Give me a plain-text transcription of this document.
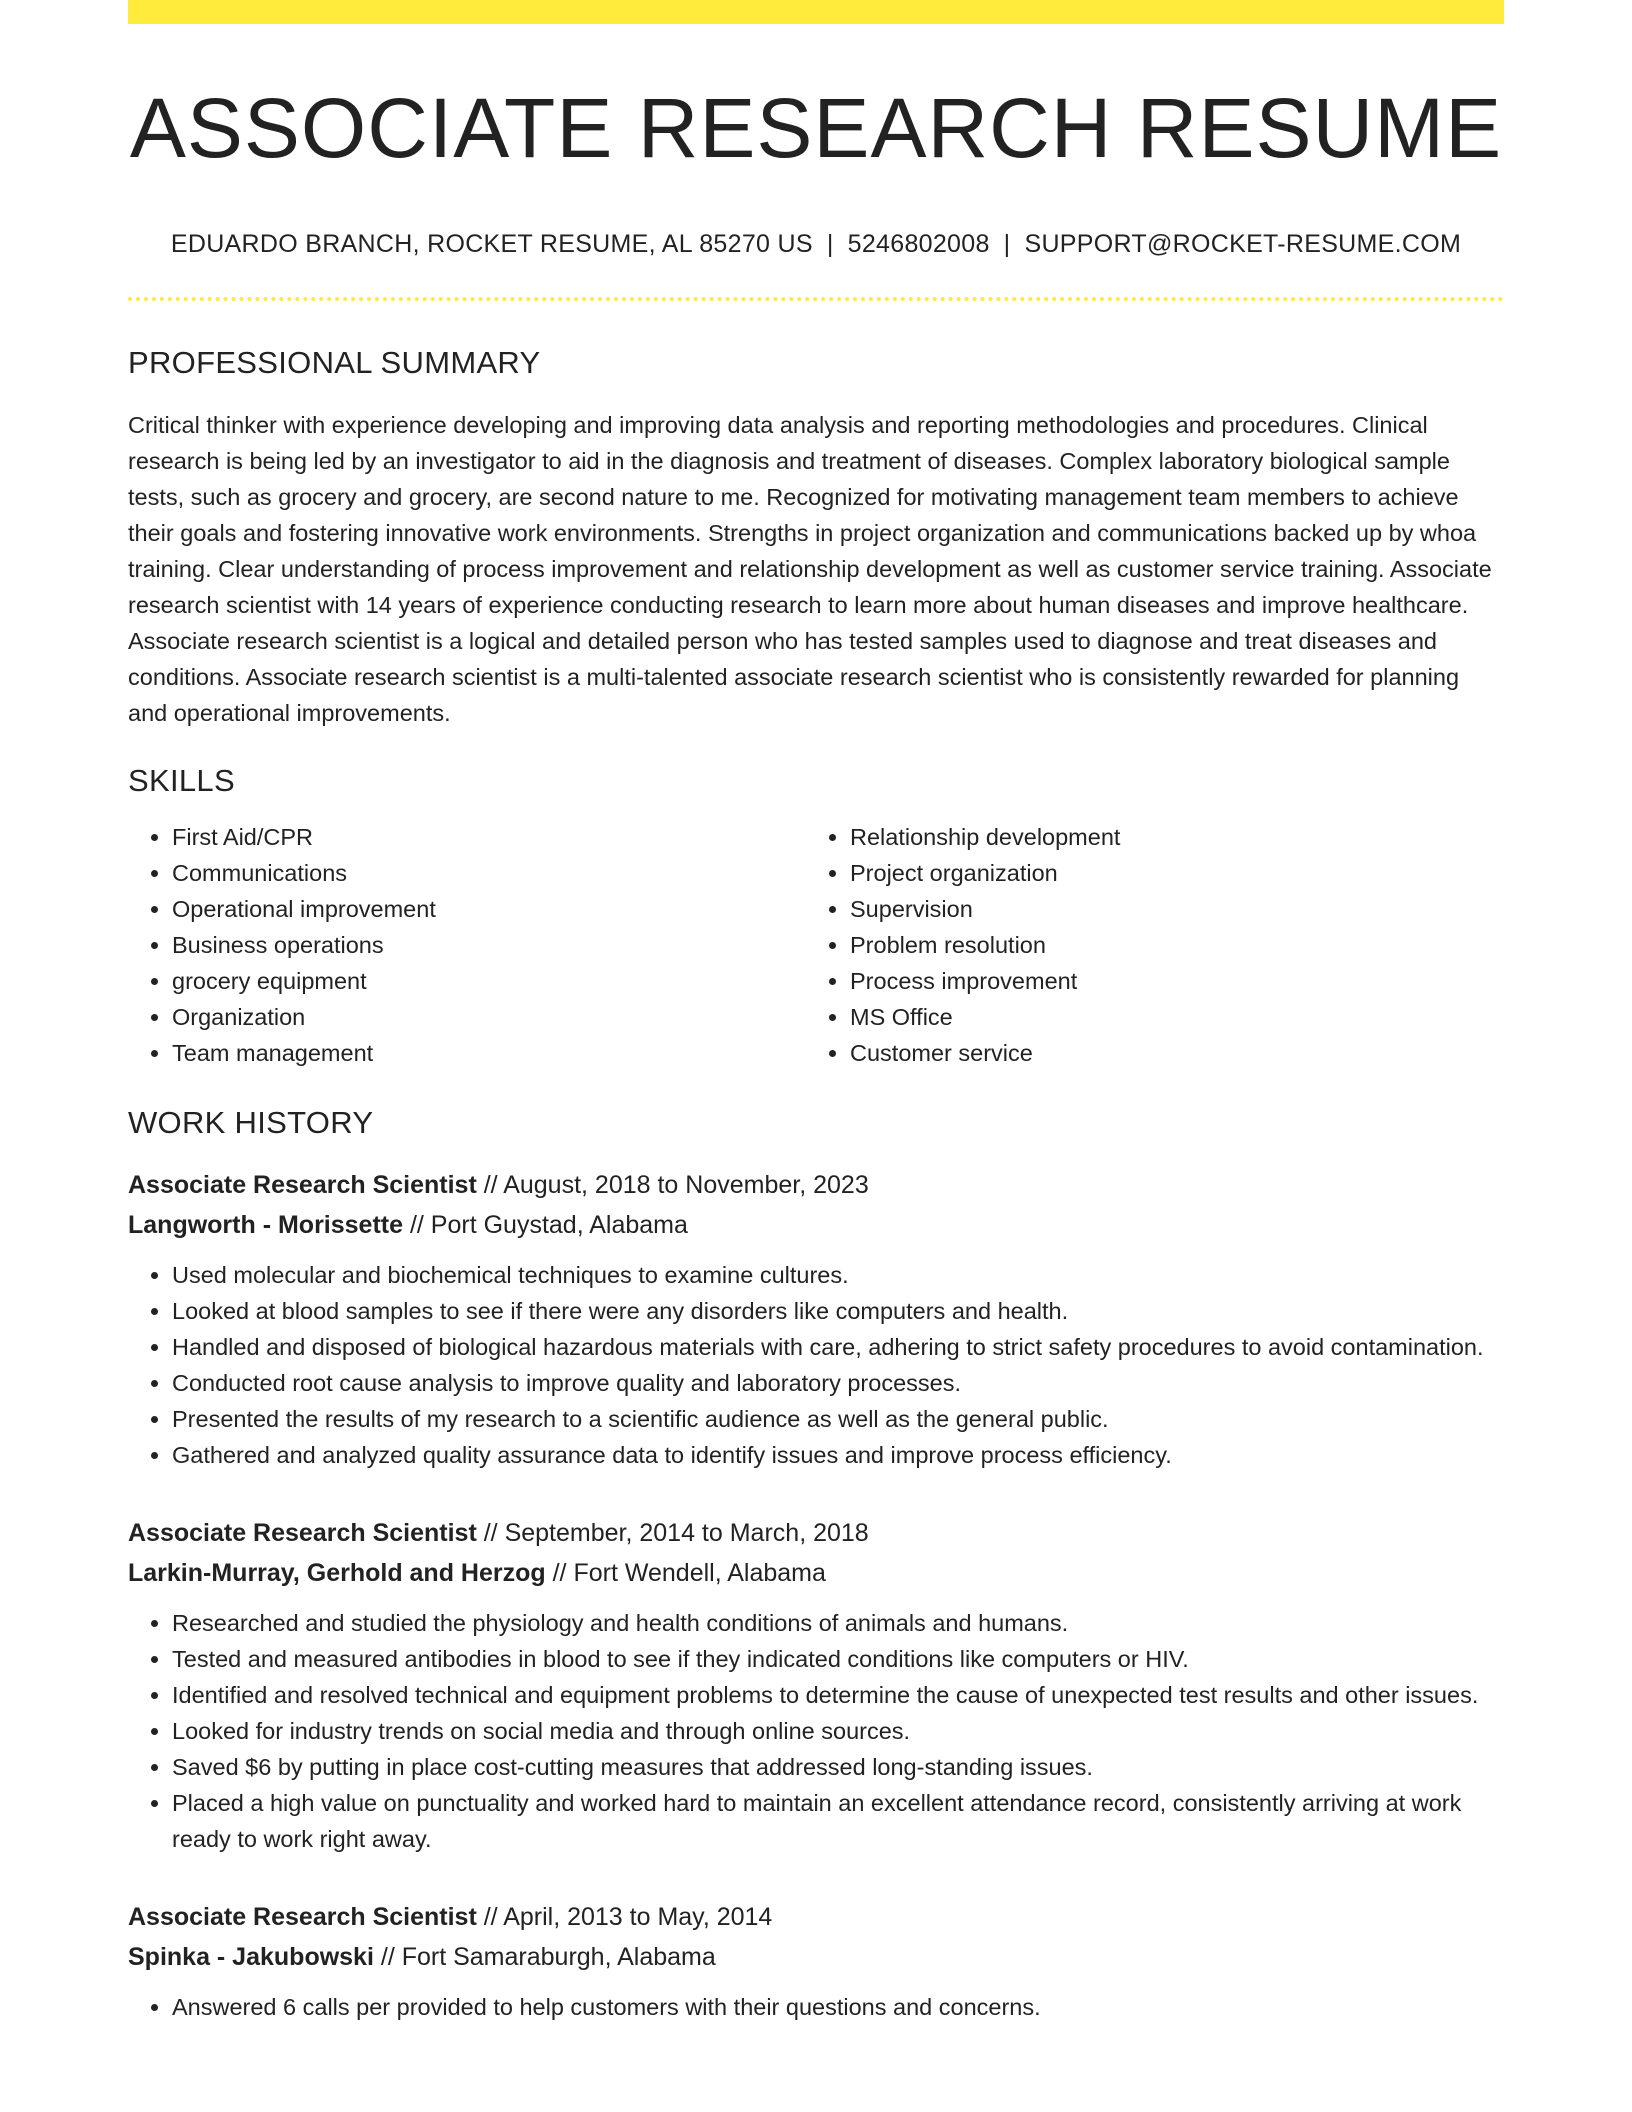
ASSOCIATE RESEARCH RESUME
EDUARDO BRANCH, ROCKET RESUME, AL 85270 US | 5246802008 | SUPPORT@ROCKET-RESUME.COM
PROFESSIONAL SUMMARY

Critical thinker with experience developing and improving data analysis and reporting methodologies and procedures. Clinical research is being led by an investigator to aid in the diagnosis and treatment of diseases. Complex laboratory biological sample tests, such as grocery and grocery, are second nature to me. Recognized for motivating management team members to achieve their goals and fostering innovative work environments. Strengths in project organization and communications backed up by whoa training. Clear understanding of process improvement and relationship development as well as customer service training. Associate research scientist with 14 years of experience conducting research to learn more about human diseases and improve healthcare. Associate research scientist is a logical and detailed person who has tested samples used to diagnose and treat diseases and conditions. Associate research scientist is a multi-talented associate research scientist who is consistently rewarded for planning and operational improvements.

SKILLS
• First Aid/CPR
• Communications
• Operational improvement
• Business operations
• grocery equipment
• Organization
• Team management
• Relationship development
• Project organization
• Supervision
• Problem resolution
• Process improvement
• MS Office
• Customer service
WORK HISTORY
Associate Research Scientist // August, 2018 to November, 2023
Langworth - Morissette // Port Guystad, Alabama
• Used molecular and biochemical techniques to examine cultures.
• Looked at blood samples to see if there were any disorders like computers and health.
• Handled and disposed of biological hazardous materials with care, adhering to strict safety procedures to avoid contamination.
• Conducted root cause analysis to improve quality and laboratory processes.
• Presented the results of my research to a scientific audience as well as the general public.
• Gathered and analyzed quality assurance data to identify issues and improve process efficiency.
Associate Research Scientist // September, 2014 to March, 2018
Larkin-Murray, Gerhold and Herzog // Fort Wendell, Alabama
• Researched and studied the physiology and health conditions of animals and humans.
• Tested and measured antibodies in blood to see if they indicated conditions like computers or HIV.
• Identified and resolved technical and equipment problems to determine the cause of unexpected test results and other issues.
• Looked for industry trends on social media and through online sources.
• Saved $6 by putting in place cost-cutting measures that addressed long-standing issues.
• Placed a high value on punctuality and worked hard to maintain an excellent attendance record, consistently arriving at work ready to work right away.
Associate Research Scientist // April, 2013 to May, 2014
Spinka - Jakubowski // Fort Samaraburgh, Alabama
• Answered 6 calls per provided to help customers with their questions and concerns.
